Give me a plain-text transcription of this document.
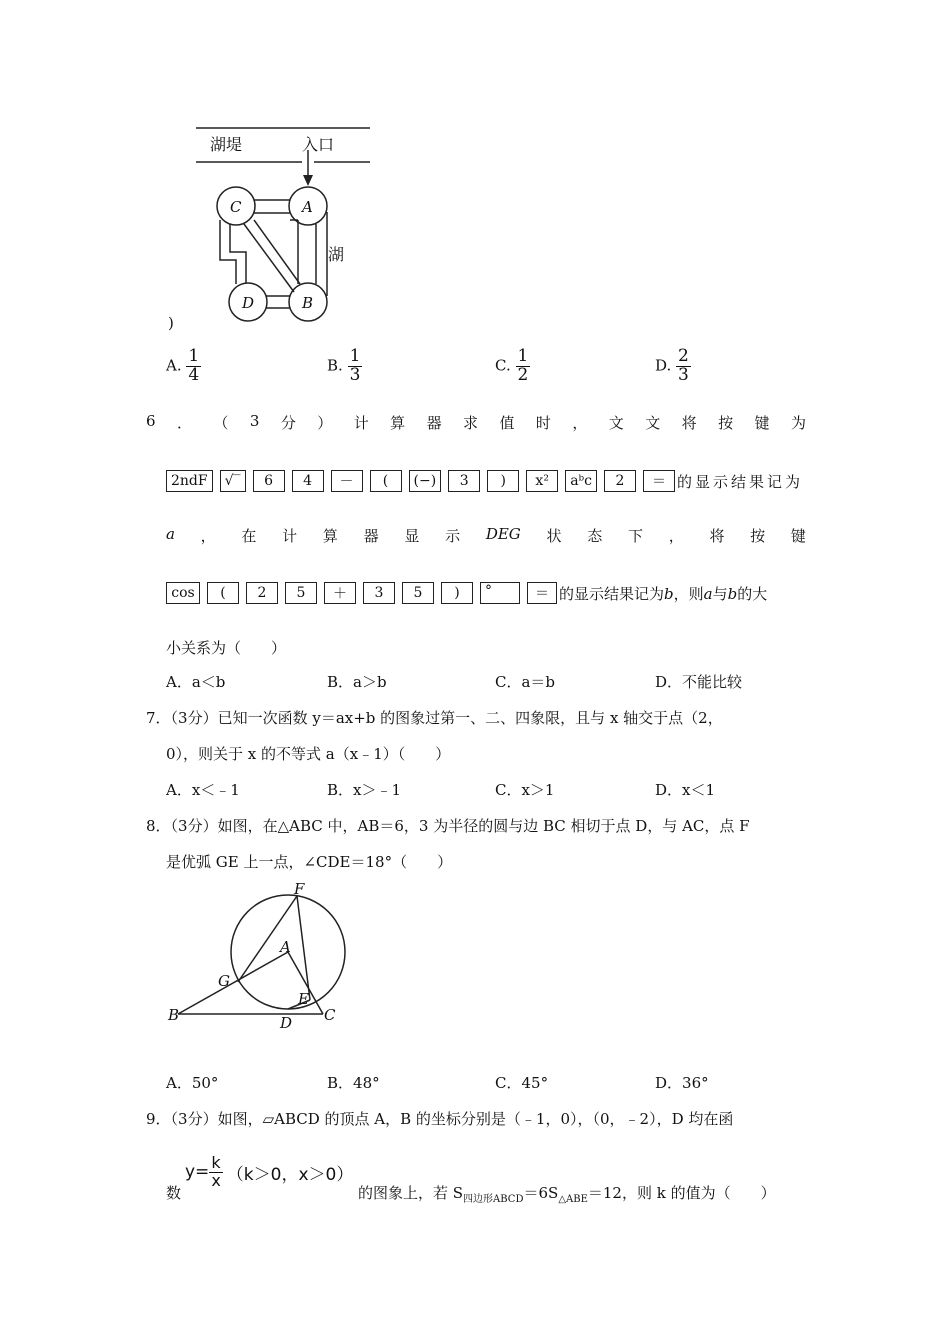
湖堤	入口
湖
C	A
D	B
)
A. $\frac{1}{4}$	B. $\frac{1}{3}$	C. $\frac{1}{2}$	D. $\frac{2}{3}$
6 ． （ 3 分 ） 计 算 器 求 值 时 ， 文 文 将 按 键 为
2ndF	√‾	6	4	－	(	(−)	3	)	x²	aᵇc	2	＝ 的显示结果记为
a ， 在 计 算 器 显 示 DEG 状 态 下 ， 将 按 键
cos	(	2	5	＋	3	5	)	°	＝ 的显示结果记为b，则a与b的大
小关系为（　　）
A．a＜b	B．a＞b	C．a＝b	D．不能比较
7．（3分）已知一次函数 y＝ax+b 的图象过第一、二、四象限，且与 x 轴交于点（2，
0），则关于 x 的不等式 a（x﹣1）（　　）
A．x＜﹣1	B．x＞﹣1	C．x＞1	D．x＜1
8．（3分）如图，在△ABC 中，AB＝6，3 为半径的圆与边 BC 相切于点 D，与 AC，点 F
是优弧 GE 上一点，∠CDE＝18°（　　）
F
A
G
E
B	D C
A．50°	B．48°	C．45°	D．36°
9．（3分）如图，▱ABCD 的顶点 A，B 的坐标分别是（﹣1，0），（0，﹣2），D 均在函
数
$y= \frac{k}{x} (k>0$，x＞0）
的图象上，若 $S_{四边形ABCD}=6S_{\triangle ABE}=12$，则 k 的值为（　　）
